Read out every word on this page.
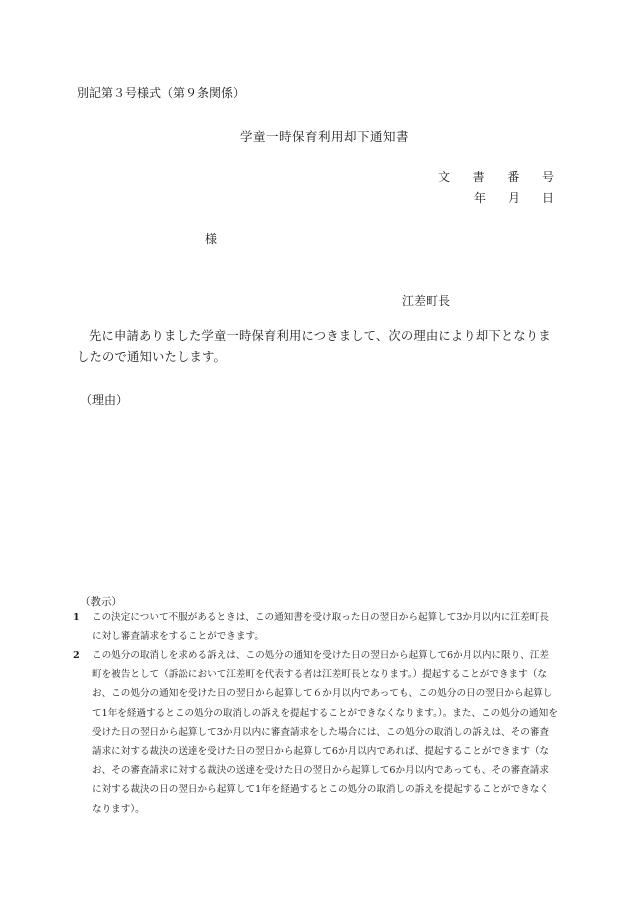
別記第３号様式（第９条関係）
学童一時保育利用却下通知書
文 書 番 号
年 月 日
様
江差町長

先に申請ありました学童一時保育利用につきまして、次の理由により却下となりましたので通知いたします。

（理由）
（教示）
1	この決定について不服があるときは、この通知書を受け取った日の翌日から起算して3か月以内に江差町長に対し審査請求をすることができます。
2	この処分の取消しを求める訴えは、この処分の通知を受けた日の翌日から起算して6か月以内に限り、江差町を被告として（訴訟において江差町を代表する者は江差町長となります。）提起することができます（なお、この処分の通知を受けた日の翌日から起算して６か月以内であっても、この処分の日の翌日から起算して1年を経過するとこの処分の取消しの訴えを提起することができなくなります。）。また、この処分の通知を受けた日の翌日から起算して3か月以内に審査請求をした場合には、この処分の取消しの訴えは、その審査請求に対する裁決の送達を受けた日の翌日から起算して6か月以内であれば、提起することができます（なお、その審査請求に対する裁決の送達を受けた日の翌日から起算して6か月以内であっても、その審査請求に対する裁決の日の翌日から起算して1年を経過するとこの処分の取消しの訴えを提起することができなくなります）。
